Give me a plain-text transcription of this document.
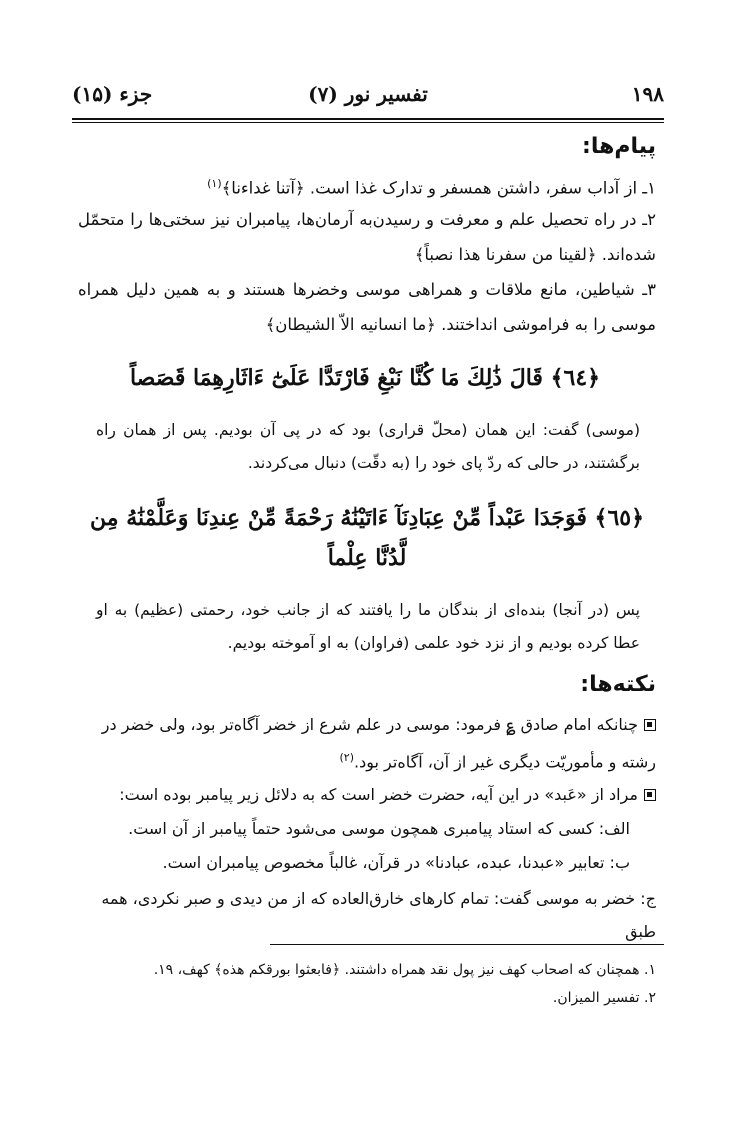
۱۹۸
تفسیر نور (۷)
جزء (۱۵)
پیام‌ها:
۱ـ از آداب سفر، داشتن همسفر و تدارک غذا است. ﴿آتنا غداءنا﴾$^{(۱)}$
۲ـ در راه تحصیل علم و معرفت و رسیدن‌به آرمان‌ها، پیامبران نیز سختی‌ها را متحمّل شده‌اند. ﴿لقینا من سفرنا هذا نصباً﴾
۳ـ شیاطین، مانع ملاقات و همراهی موسی وخضرها هستند و به همین دلیل همراه موسی را به فراموشی انداختند. ﴿ما انسانیه الاّ الشیطان﴾
﴿٦٤﴾ قَالَ ذَٰلِكَ مَا كُنَّا نَبْغِ فَارْتَدَّا عَلَىٰٓ ءَاثَارِهِمَا قَصَصاً
(موسی) گفت: این همان (محلّ قراری) بود که در پی آن بودیم. پس از همان راه برگشتند، در حالی که ردّ پای خود را (به دقّت) دنبال می‌کردند.
﴿٦٥﴾ فَوَجَدَا عَبْداً مِّنْ عِبَادِنَآ ءَاتَيْنَٰهُ رَحْمَةً مِّنْ عِندِنَا وَعَلَّمْنَٰهُ مِن لَّدُنَّا عِلْماً
پس (در آنجا) بنده‌ای از بندگان ما را یافتند که از جانب خود، رحمتی (عظیم) به او عطا کرده بودیم و از نزد خود علمی (فراوان) به او آموخته بودیم.
نکته‌ها:
چنانکه امام صادق ؏ فرمود: موسی در علم شرع از خضر آگاه‌تر بود، ولی خضر در رشته و مأموریّت دیگری غیر از آن، آگاه‌تر بود.$^{(۲)}$
مراد از «عَبد» در این آیه، حضرت خضر است که به دلائل زیر پیامبر بوده است:
الف: کسی که استاد پیامبری همچون موسی می‌شود حتماً پیامبر از آن است.
ب: تعابیر «عبدنا، عبده، عبادنا» در قرآن، غالباً مخصوص پیامبران است.
ج: خضر به موسی گفت: تمام کارهای خارق‌العاده که از من دیدی و صبر نکردی، همه طبق
۱. همچنان که اصحاب کهف نیز پول نقد همراه داشتند. ﴿فابعثوا بورقکم هذه﴾ کهف، ۱۹.
۲. تفسیر المیزان.
